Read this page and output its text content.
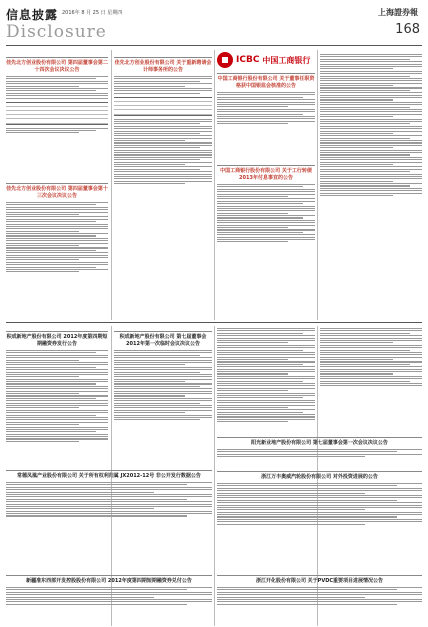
信息披露 2016年 8 月 25 日 星期四
Disclosure
上海證券報
168
佳先北方创业股份有限公司 第四届董事会第二十四次会议决议公告
佳先北方创业股份有限公司 关于重新聘请会计师事务所的公告
佳先北方创业股份有限公司 第四届董事会第十三次会议决议公告
ICBC 中国工商银行
中国工商银行股份有限公司 关于董事任职资格获中国银监会核准的公告
中国工商银行股份有限公司 关于工行转债2013年付息事宜的公告
积成新地产股份有限公司 2012年度第四期短期融资券发行公告
积成新地产股份有限公司 第七届董事会2012年第一次临时会议决议公告
阳光新业地产股份有限公司 第七届董事会第一次会议决议公告
常德凤凰产业股份有限公司 关于所有权利归属 JX2012-12号 非公开发行数据公告	浙江万丰奥威汽轮股份有限公司 对外投资进展的公告
新疆准东西部开发控股股份有限公司 2012年度第四期短期融资券兑付公告	浙江开化股份有限公司 关于PVDC重要项目进展情况公告
